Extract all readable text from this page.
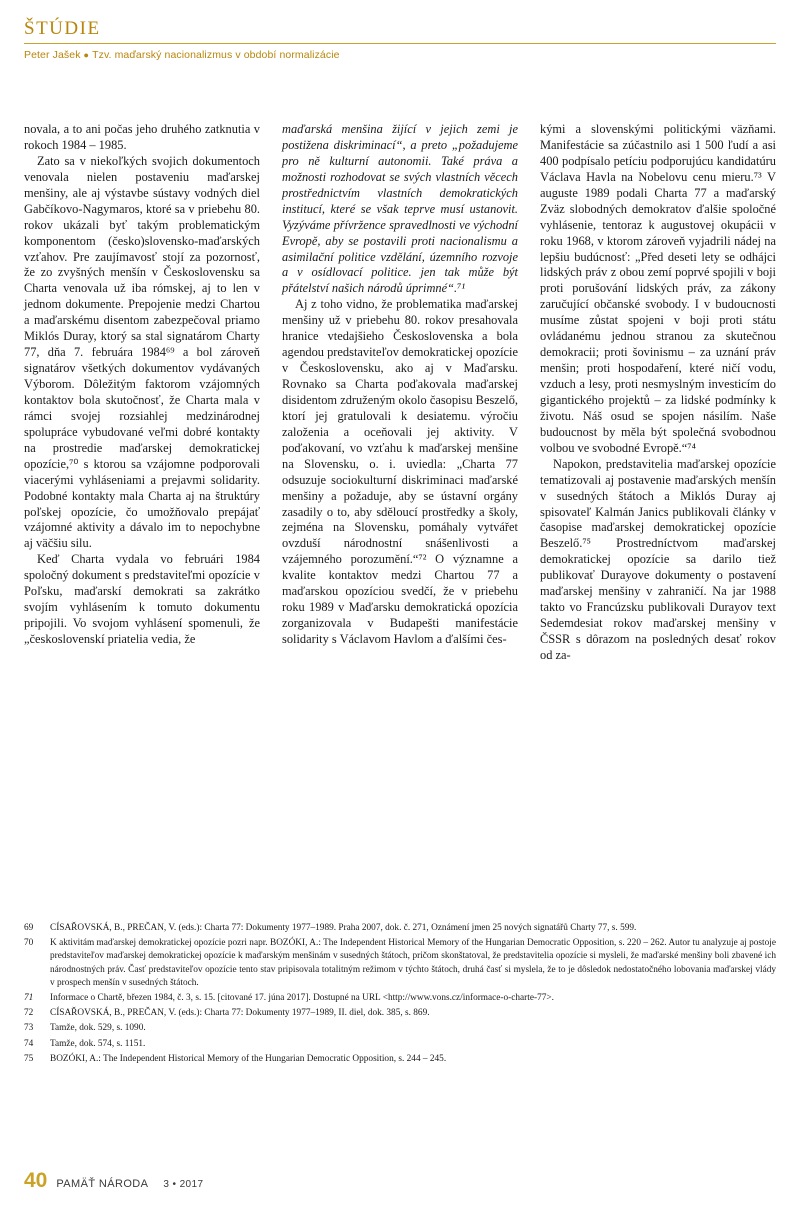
ŠTÚDIE
Peter Jašek ● Tzv. maďarský nacionalizmus v období normalizácie

novala, a to ani počas jeho druhého zatknutia v rokoch 1984 – 1985.

Zato sa v niekoľkých svojich dokumentoch venovala nielen postaveniu maďarskej menšiny, ale aj výstavbe sústavy vodných diel Gabčíkovo-Nagymaros, ktoré sa v priebehu 80. rokov ukázali byť takým problematickým komponentom (česko)slovensko-maďarských vzťahov. Pre zaujímavosť stojí za pozornosť, že zo zvyšných menšín v Československu sa Charta venovala už iba rómskej, aj to len v jednom dokumente. Prepojenie medzi Chartou a maďarskému disentom zabezpečoval priamo Miklós Duray, ktorý sa stal signatárom Charty 77, dňa 7. februára 1984⁶⁹ a bol zároveň signatárov všetkých dokumentov vydávaných Výborom. Dôležitým faktorom vzájomných kontaktov bola skutočnosť, že Charta mala v rámci svojej rozsiahlej medzinárodnej spolupráce vybudované veľmi dobré kontakty na prostredie maďarskej demokratickej opozície,⁷⁰ s ktorou sa vzájomne podporovali viacerými vyhláseniami a prejavmi solidarity. Podobné kontakty mala Charta aj na štruktúry poľskej opozície, čo umožňovalo prepájať vzájomné aktivity a dávalo im to nepochybne aj väčšiu silu.

Keď Charta vydala vo februári 1984 spoločný dokument s predstaviteľmi opozície v Poľsku, maďarskí demokrati sa zakrátko svojím vyhlásením k tomuto dokumentu pripojili. Vo svojom vyhlásení spomenuli, že „československí priatelia vedia, že

maďarská menšina žijící v jejich zemi je postižena diskriminací“, a preto „požadujeme pro ně kulturní autonomii. Také práva a možnosti rozhodovat se svých vlastních věcech prostřednictvím vlastních demokratických institucí, které se však teprve musí ustanovit. Vyzýváme přívržence spravedlnosti ve východní Evropě, aby se postavili proti nacionalismu a asimilační politice vzdělání, územního rozvoje a v osídlovací politice. jen tak může být přátelství našich národů úprimné“.⁷¹

Aj z toho vidno, že problematika maďarskej menšiny už v priebehu 80. rokov presahovala hranice vtedajšieho Československa a bola agendou predstaviteľov demokratickej opozície v Československu, ako aj v Maďarsku. Rovnako sa Charta poďakovala maďarskej disidentom združeným okolo časopisu Beszelő, ktorí jej gratulovali k desiatemu. výročiu založenia a oceňovali jej aktivity. V poďakovaní, vo vzťahu k maďarskej menšine na Slovensku, o. i. uviedla: „Charta 77 odsuzuje sociokulturní diskriminaci maďarské menšiny a požaduje, aby se ústavní orgány zasadily o to, aby sděloucí prostředky a školy, zejména na Slovensku, pomáhaly vytvářet ovzduší národnostní snášenlivosti a vzájemného porozumění.“⁷² O významne a kvalite kontaktov medzi Chartou 77 a maďarskou opozíciou svedčí, že v priebehu roku 1989 v Maďarsku demokratická opozícia zorganizovala v Budapešti manifestácie solidarity s Václavom Havlom a ďalšími čes-

kými a slovenskými politickými väzňami. Manifestácie sa zúčastnilo asi 1 500 ľudí a asi 400 podpísalo petíciu podporujúcu kandidatúru Václava Havla na Nobelovu cenu mieru.⁷³ V auguste 1989 podali Charta 77 a maďarský Zväz slobodných demokratov ďalšie spoločné vyhlásenie, tentoraz k augustovej okupácii v roku 1968, v ktorom zároveň vyjadrili nádej na lepšiu budúcnosť: „Před deseti lety se odhájci lidských práv z obou zemí poprvé spojili v boji proti porušování lidských práv, za zákony zaručující občanské svobody. I v budoucnosti musíme zůstat spojeni v boji proti státu ovládanému jednou stranou za skutečnou demokracii; proti šovinismu – za uznání práv menšin; proti hospodaření, které ničí vodu, vzduch a lesy, proti nesmyslným investicím do gigantického projektů – za lidské podmínky k životu. Náš osud se spojen násilím. Naše budoucnost by měla být společná svobodnou volbou ve svobodné Evropě.“⁷⁴

Napokon, predstavitelia maďarskej opozície tematizovali aj postavenie maďarských menšín v susedných štátoch a Miklós Duray aj spisovateľ Kalmán Janics publikovali články v časopise maďarskej demokratickej opozície Beszelő.⁷⁵ Prostredníctvom maďarskej demokratickej opozície sa darilo tiež publikovať Durayove dokumenty o postavení maďarskej menšiny v zahraničí. Na jar 1988 takto vo Francúzsku publikovali Durayov text Sedemdesiat rokov maďarskej menšiny v ČSSR s dôrazom na posledných desať rokov od za-

69	CÍSAŘOVSKÁ, B., PREČAN, V. (eds.): Charta 77: Dokumenty 1977–1989. Praha 2007, dok. č. 271, Oznámení jmen 25 nových signatářů Charty 77, s. 599.
70	K aktivitám maďarskej demokratickej opozície pozri napr. BOZÓKI, A.: The Independent Historical Memory of the Hungarian Democratic Opposition, s. 220 – 262. Autor tu analyzuje aj postoje predstaviteľov maďarskej demokratickej opozície k maďarským menšinám v susedných štátoch, pričom skonštatoval, že predstavitelia opozície si mysleli, že maďarské menšiny boli zbavené ich národnostných práv. Časť predstaviteľov opozície tento stav pripisovala totalitným režimom v týchto štátoch, druhá časť si myslela, že to je dôsledok nedostatočného lobovania maďarskej vlády v prospech menšín v susedných štátoch.
71	Informace o Chartě, březen 1984, č. 3, s. 15. [citované 17. júna 2017]. Dostupné na URL <http://www.vons.cz/informace-o-charte-77>.
72	CÍSAŘOVSKÁ, B., PREČAN, V. (eds.): Charta 77: Dokumenty 1977–1989, II. diel, dok. 385, s. 869.
73	Tamže, dok. 529, s. 1090.
74	Tamže, dok. 574, s. 1151.
75	BOZÓKI, A.: The Independent Historical Memory of the Hungarian Democratic Opposition, s. 244 – 245.
40 PAMÄŤ NÁRODA	3 • 2017
